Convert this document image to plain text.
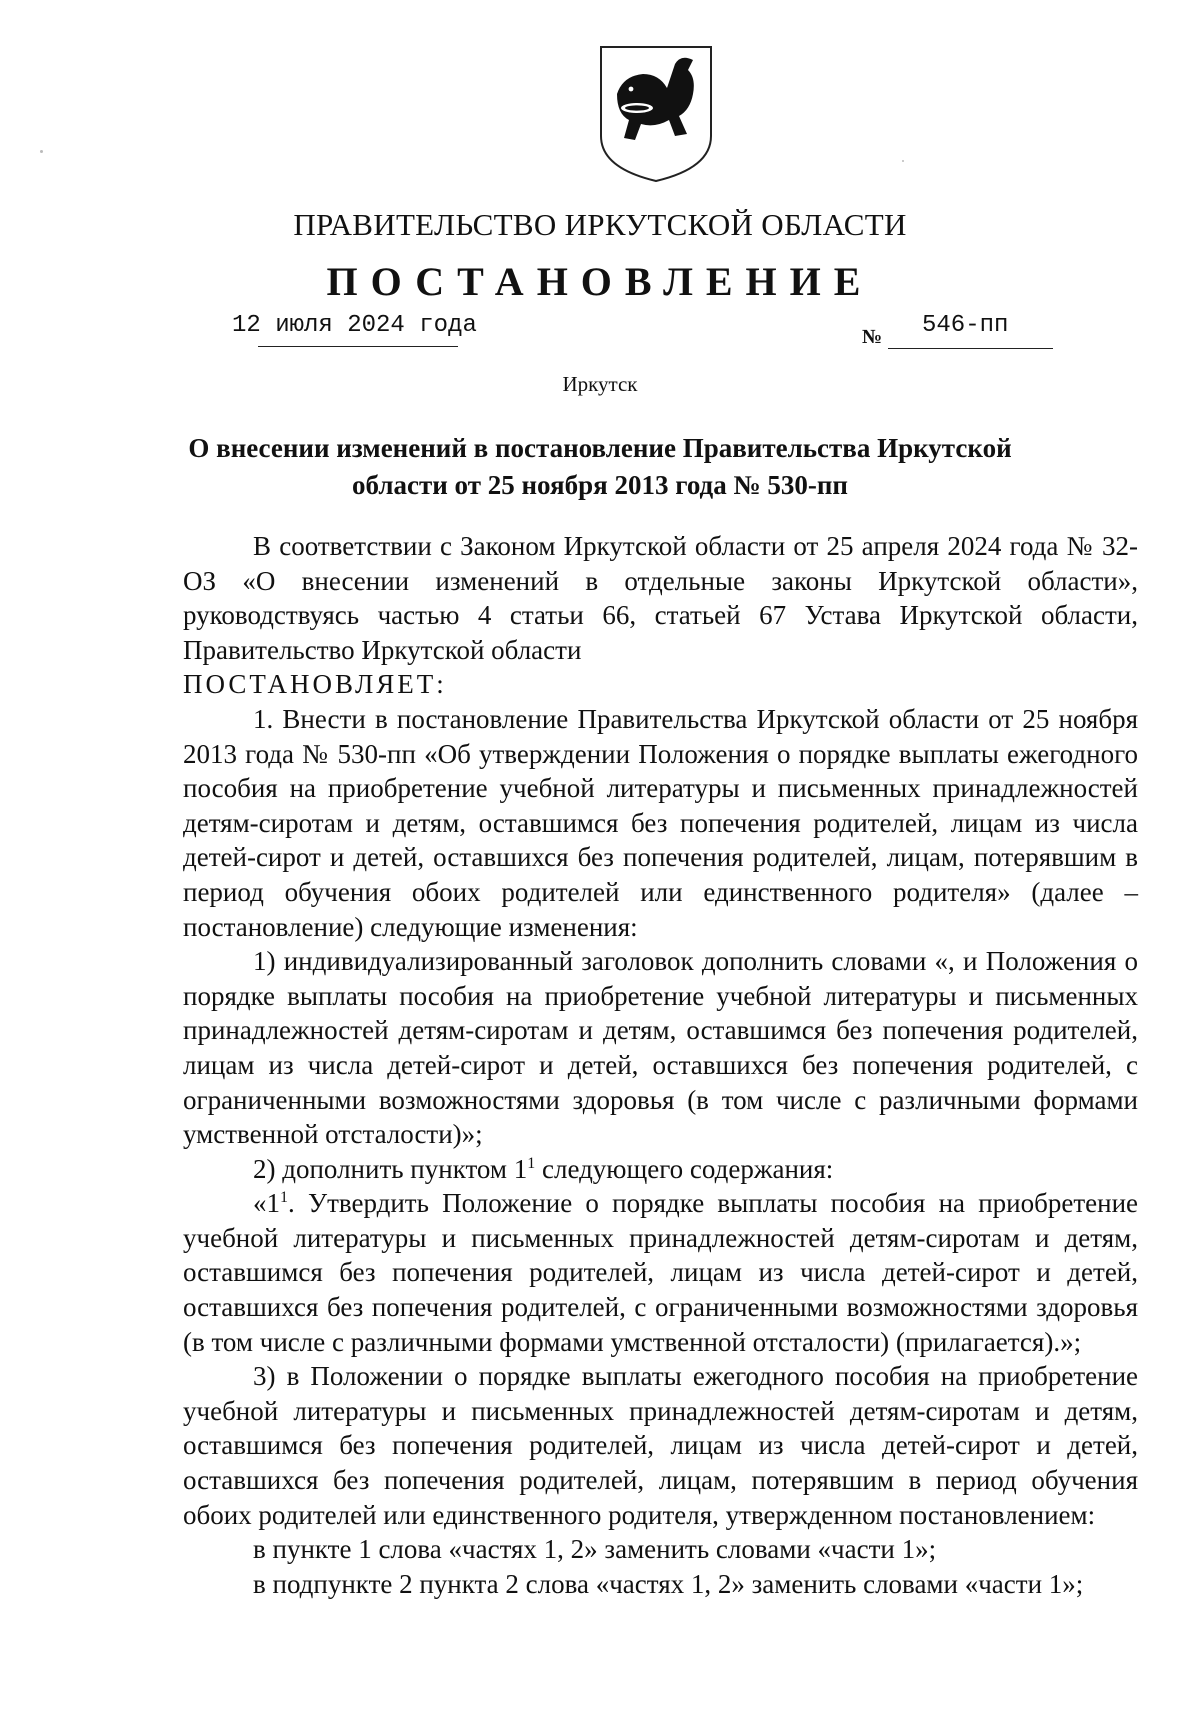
ПРАВИТЕЛЬСТВО ИРКУТСКОЙ ОБЛАСТИ
ПОСТАНОВЛЕНИЕ
12 июля 2024 года	№ 546-пп
Иркутск
О внесении изменений в постановление Правительства Иркутской
области от 25 ноября 2013 года № 530-пп

В соответствии с Законом Иркутской области от 25 апреля 2024 года № 32-ОЗ «О внесении изменений в отдельные законы Иркутской области», руководствуясь частью 4 статьи 66, статьей 67 Устава Иркутской области, Правительство Иркутской области

ПОСТАНОВЛЯЕТ:

1. Внести в постановление Правительства Иркутской области от 25 ноября 2013 года № 530-пп «Об утверждении Положения о порядке выплаты ежегодного пособия на приобретение учебной литературы и письменных принадлежностей детям-сиротам и детям, оставшимся без попечения родителей, лицам из числа детей-сирот и детей, оставшихся без попечения родителей, лицам, потерявшим в период обучения обоих родителей или единственного родителя» (далее – постановление) следующие изменения:

1) индивидуализированный заголовок дополнить словами «, и Положения о порядке выплаты пособия на приобретение учебной литературы и письменных принадлежностей детям-сиротам и детям, оставшимся без попечения родителей, лицам из числа детей-сирот и детей, оставшихся без попечения родителей, с ограниченными возможностями здоровья (в том числе с различными формами умственной отсталости)»;

2) дополнить пунктом $1^1$ следующего содержания:

«$1^1$. Утвердить Положение о порядке выплаты пособия на приобретение учебной литературы и письменных принадлежностей детям-сиротам и детям, оставшимся без попечения родителей, лицам из числа детей-сирот и детей, оставшихся без попечения родителей, с ограниченными возможностями здоровья (в том числе с различными формами умственной отсталости) (прилагается).»;

3) в Положении о порядке выплаты ежегодного пособия на приобретение учебной литературы и письменных принадлежностей детям-сиротам и детям, оставшимся без попечения родителей, лицам из числа детей-сирот и детей, оставшихся без попечения родителей, лицам, потерявшим в период обучения обоих родителей или единственного родителя, утвержденном постановлением:

в пункте 1 слова «частях 1, 2» заменить словами «части 1»;

в подпункте 2 пункта 2 слова «частях 1, 2» заменить словами «части 1»;
